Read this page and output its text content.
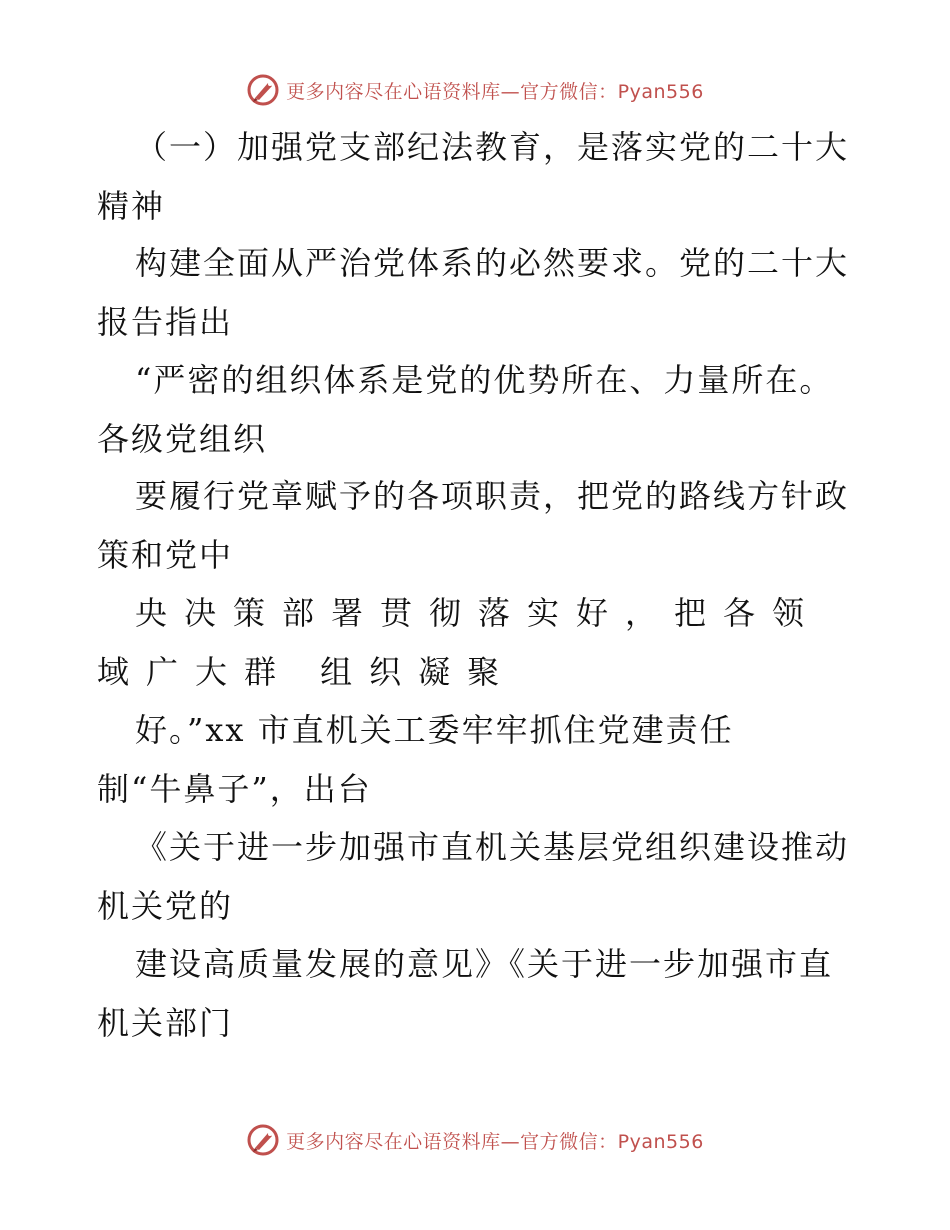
更多内容尽在心语资料库—官方微信：Pyan556
（一）加强党支部纪法教育，是落实党的二十大
精神
构建全面从严治党体系的必然要求。党的二十大
报告指出
“严密的组织体系是党的优势所在、力量所在。
各级党组织
要履行党章赋予的各项职责，把党的路线方针政
策和党中
央决策部署贯彻落实好，把各领
域广大群 组织凝聚
好。”xx 市直机关工委牢牢抓住党建责任
制“牛鼻子”，出台
《关于进一步加强市直机关基层党组织建设推动
机关党的
建设高质量发展的意见》《关于进一步加强市直
机关部门
更多内容尽在心语资料库—官方微信：Pyan556
